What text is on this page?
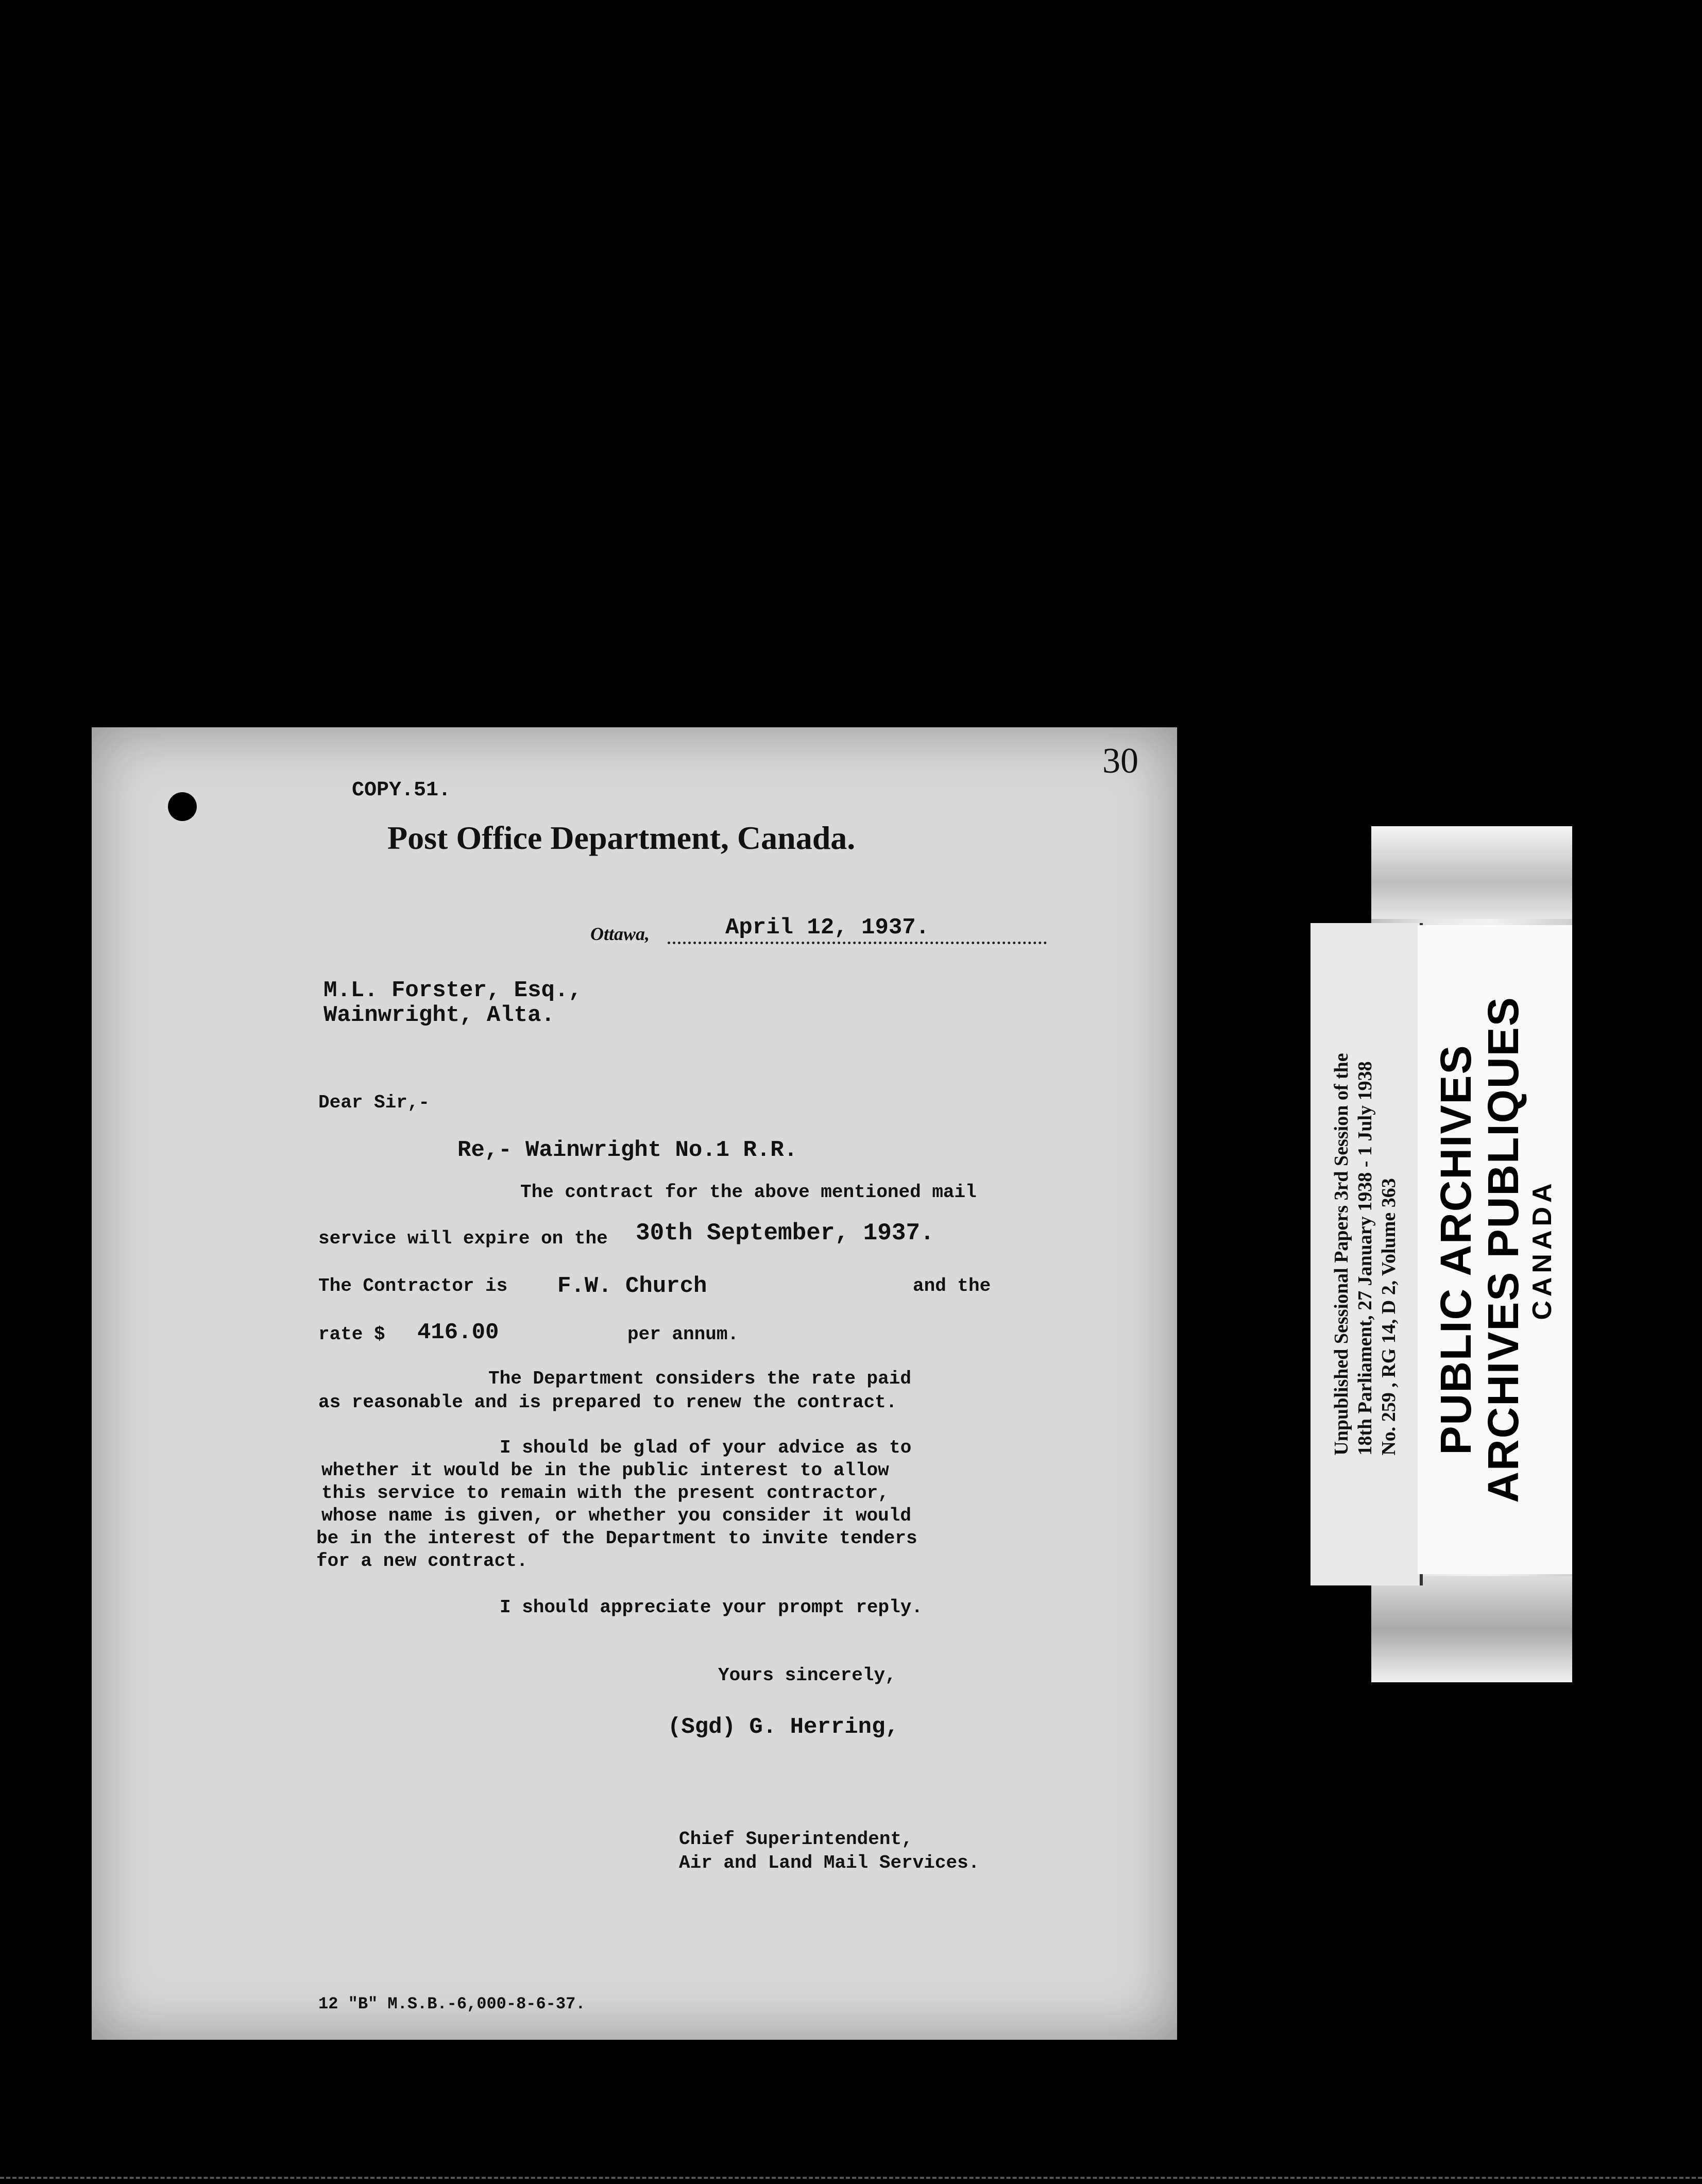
30
COPY.51.
Post Office Department, Canada.
Ottawa,	April 12, 1937.
M.L. Forster, Esq.,
Wainwright, Alta.
Dear Sir,-
Re,- Wainwright No.1 R.R.
The contract for the above mentioned mail
service will expire on the 30th September, 1937.
The Contractor is F.W. Church	and the
rate $ 416.00	per annum.
The Department considers the rate paid
as reasonable and is prepared to renew the contract.
I should be glad of your advice as to
whether it would be in the public interest to allow
this service to remain with the present contractor,
whose name is given, or whether you consider it would
be in the interest of the Department to invite tenders
for a new contract.
I should appreciate your prompt reply.
Yours sincerely,
(Sgd) G. Herring,
Chief Superintendent,
Air and Land Mail Services.
12 "B" M.S.B.-6,000-8-6-37.
Unpublished Sessional Papers 3rd Session of the 18th Parliament, 27 January 1938 - 1 July 1938 No. 259 , RG 14, D 2, Volume 363 PUBLIC ARCHIVES
ARCHIVES PUBLIQUES CANADA
